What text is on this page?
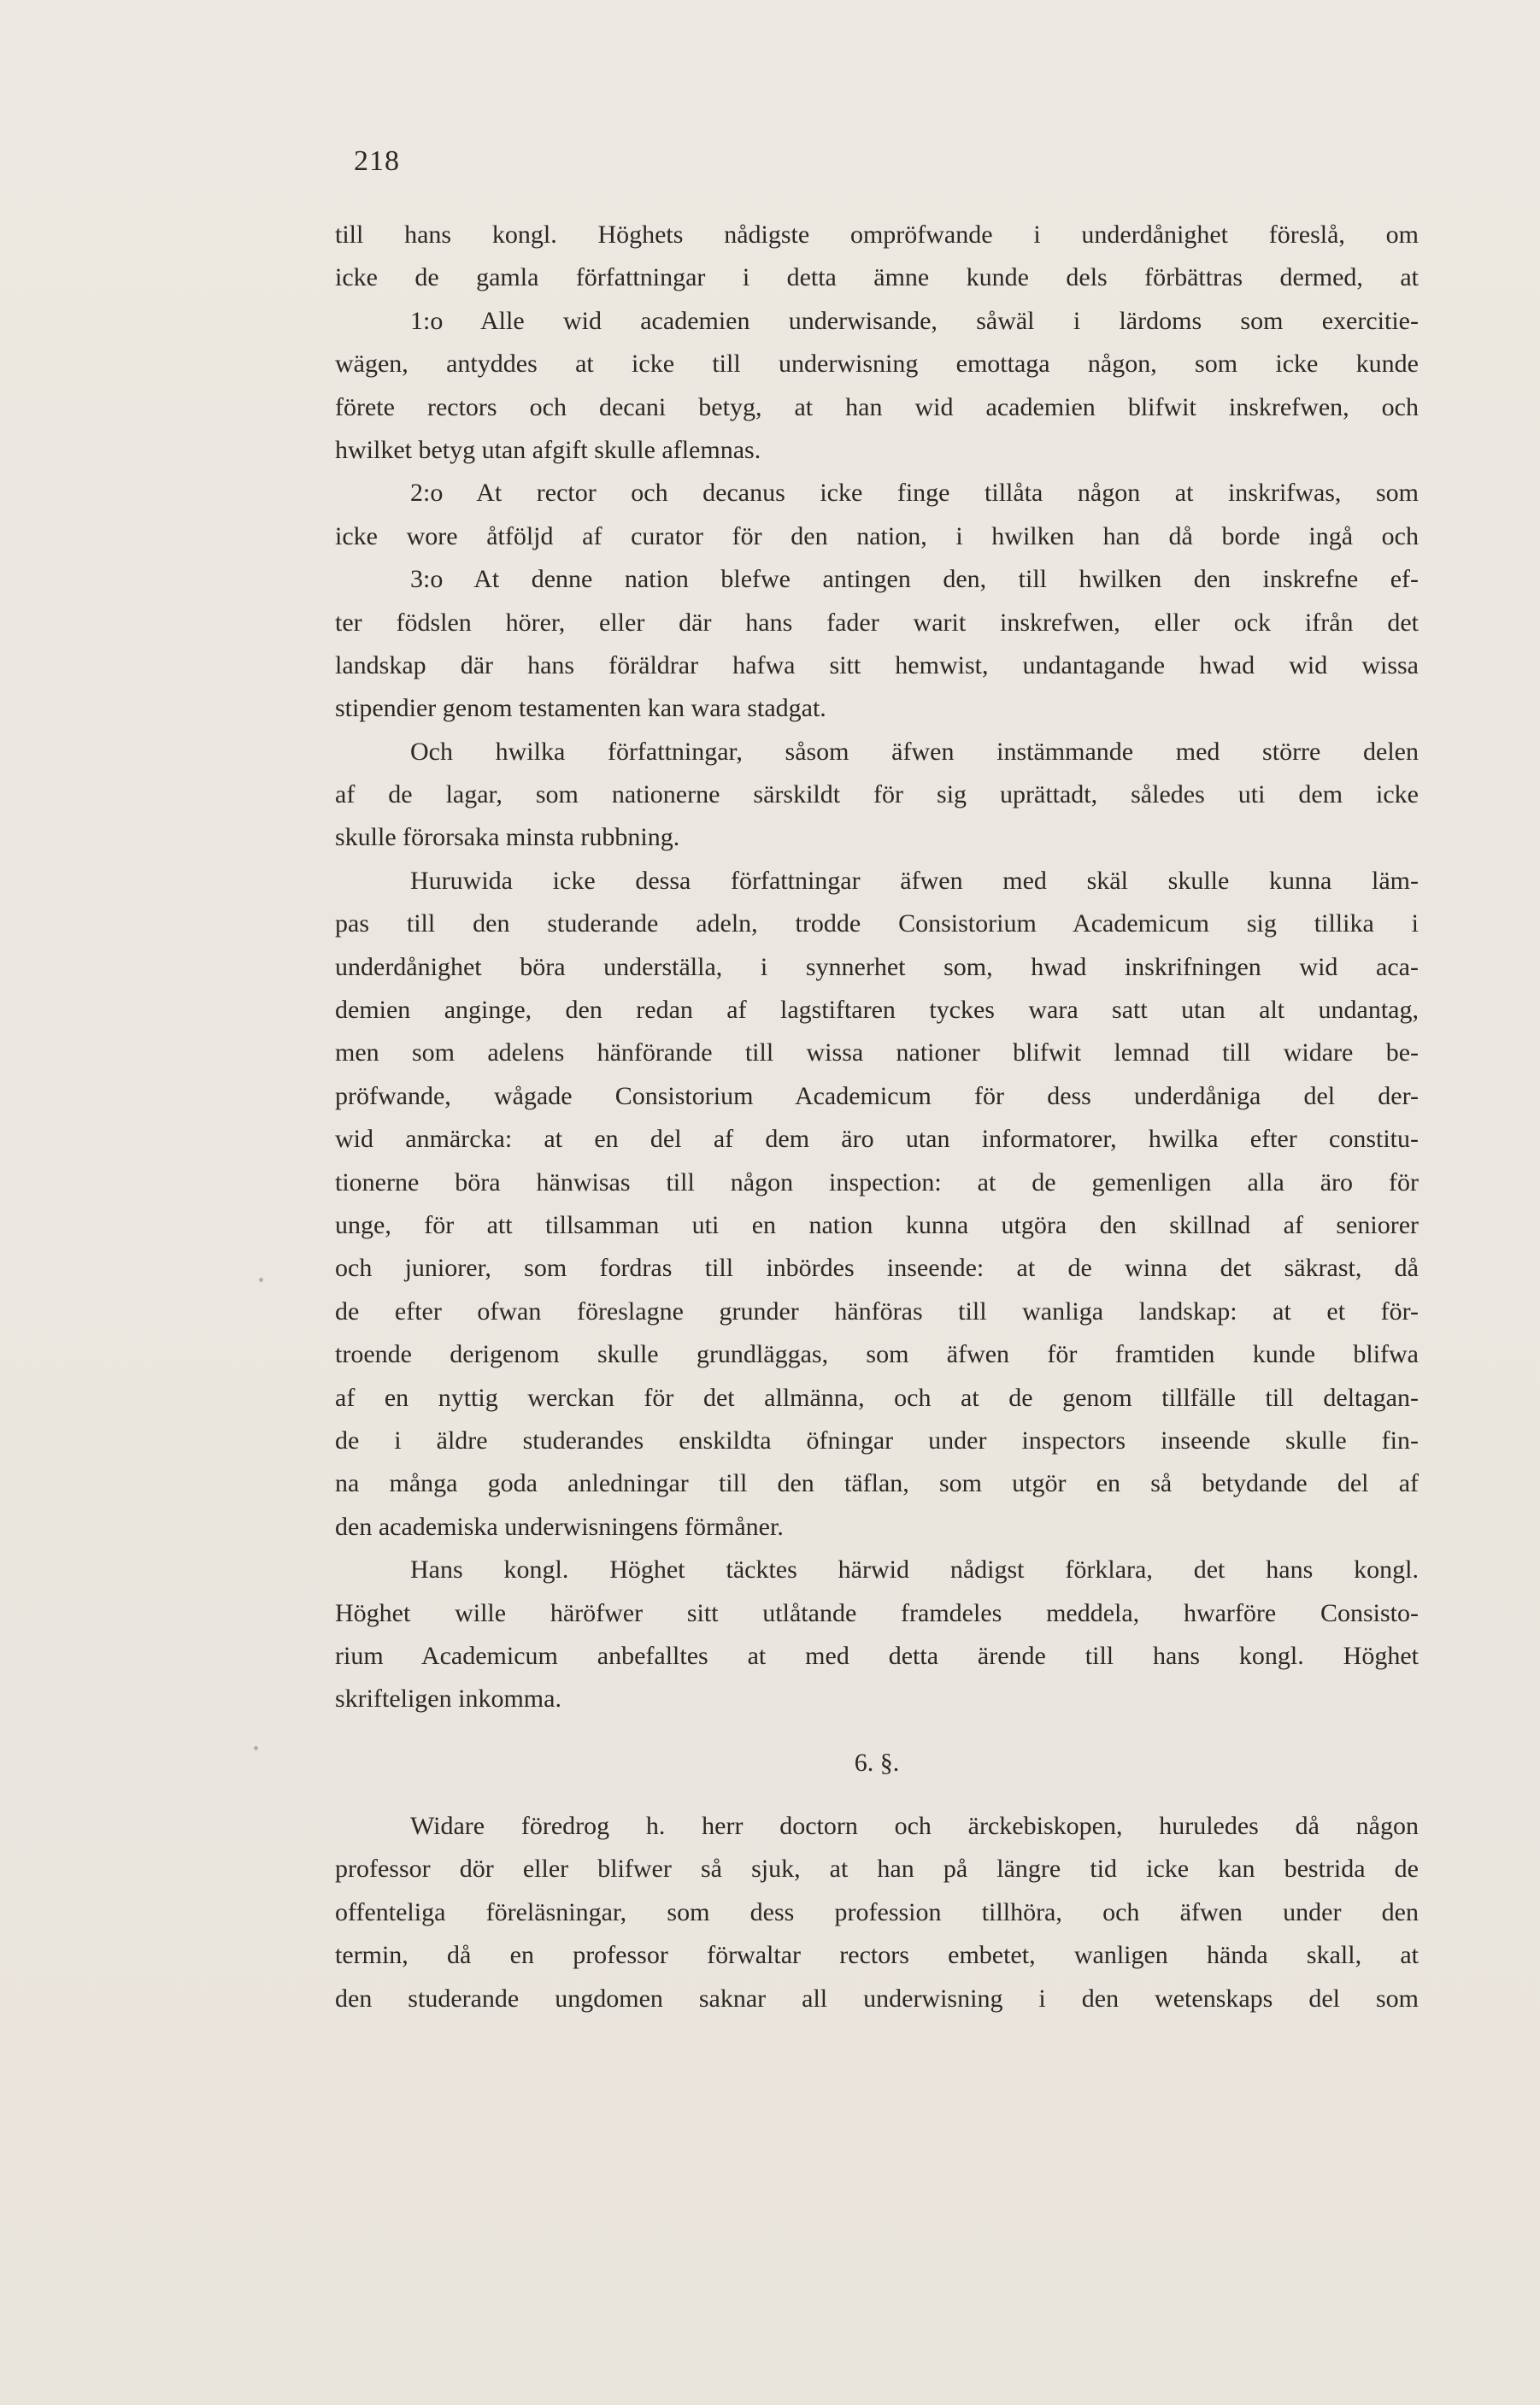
218

till hans kongl. Höghets nådigste ompröfwande i underdånighet föreslå, om
icke de gamla författningar i detta ämne kunde dels förbättras dermed, at
1:o Alle wid academien underwisande, såwäl i lärdoms som exercitie-
wägen, antyddes at icke till underwisning emottaga någon, som icke kunde
förete rectors och decani betyg, at han wid academien blifwit inskrefwen, och
hwilket betyg utan afgift skulle aflemnas.
2:o At rector och decanus icke finge tillåta någon at inskrifwas, som
icke wore åtföljd af curator för den nation, i hwilken han då borde ingå och
3:o At denne nation blefwe antingen den, till hwilken den inskrefne ef-
ter födslen hörer, eller där hans fader warit inskrefwen, eller ock ifrån det
landskap där hans föräldrar hafwa sitt hemwist, undantagande hwad wid wissa
stipendier genom testamenten kan wara stadgat.
Och hwilka författningar, såsom äfwen instämmande med större delen
af de lagar, som nationerne särskildt för sig uprättadt, således uti dem icke
skulle förorsaka minsta rubbning.
Huruwida icke dessa författningar äfwen med skäl skulle kunna läm-
pas till den studerande adeln, trodde Consistorium Academicum sig tillika i
underdånighet böra underställa, i synnerhet som, hwad inskrifningen wid aca-
demien anginge, den redan af lagstiftaren tyckes wara satt utan alt undantag,
men som adelens hänförande till wissa nationer blifwit lemnad till widare be-
pröfwande, wågade Consistorium Academicum för dess underdåniga del der-
wid anmärcka: at en del af dem äro utan informatorer, hwilka efter constitu-
tionerne böra hänwisas till någon inspection: at de gemenligen alla äro för
unge, för att tillsamman uti en nation kunna utgöra den skillnad af seniorer
och juniorer, som fordras till inbördes inseende: at de winna det säkrast, då
de efter ofwan föreslagne grunder hänföras till wanliga landskap: at et för-
troende derigenom skulle grundläggas, som äfwen för framtiden kunde blifwa
af en nyttig werckan för det allmänna, och at de genom tillfälle till deltagan-
de i äldre studerandes enskildta öfningar under inspectors inseende skulle fin-
na många goda anledningar till den täflan, som utgör en så betydande del af
den academiska underwisningens förmåner.
Hans kongl. Höghet täcktes härwid nådigst förklara, det hans kongl.
Höghet wille häröfwer sitt utlåtande framdeles meddela, hwarföre Consisto-
rium Academicum anbefalltes at med detta ärende till hans kongl. Höghet
skrifteligen inkomma.
6. §.
Widare föredrog h. herr doctorn och ärckebiskopen, huruledes då någon
professor dör eller blifwer så sjuk, at han på längre tid icke kan bestrida de
offenteliga föreläsningar, som dess profession tillhöra, och äfwen under den
termin, då en professor förwaltar rectors embetet, wanligen hända skall, at
den studerande ungdomen saknar all underwisning i den wetenskaps del som
